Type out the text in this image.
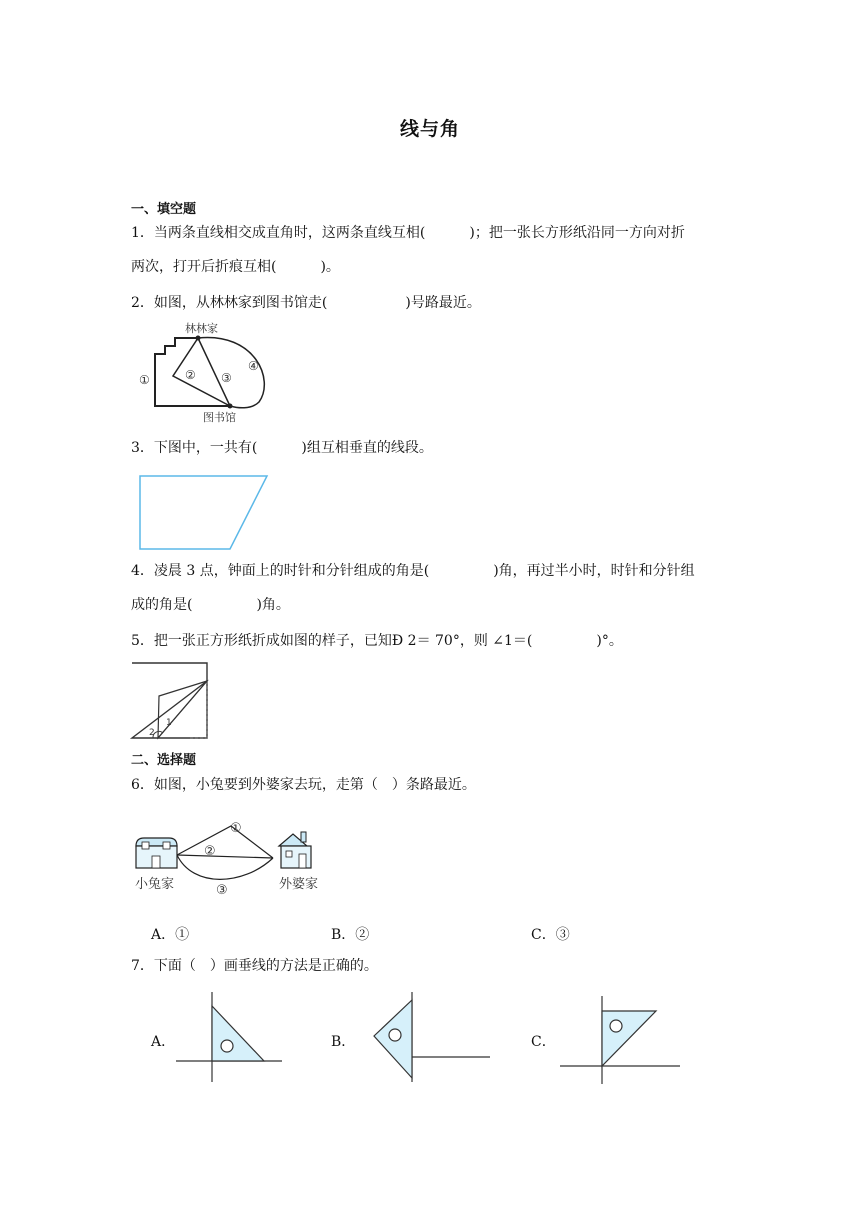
线与角
一、填空题
1．当两条直线相交成直角时，这两条直线互相(	)；把一张长方形纸沿同一方向对折
两次，打开后折痕互相(	)。
2．如图，从林林家到图书馆走(	)号路最近。
林林家
①	② ③
④
图书馆
3．下图中，一共有(	)组互相垂直的线段。
4．凌晨 3 点，钟面上的时针和分针组成的角是(	)角，再过半小时，时针和分针组
成的角是(	)角。
5．把一张正方形纸折成如图的样子，已知Ð 2＝ 70°，则 ∠1＝(	)°。
1
2
二、选择题
6．如图，小兔要到外婆家去玩，走第（　）条路最近。
①
②
③
小兔家	外婆家
A．①	B．②	C．③
7．下面（　）画垂线的方法是正确的。
A．	B．	C．
